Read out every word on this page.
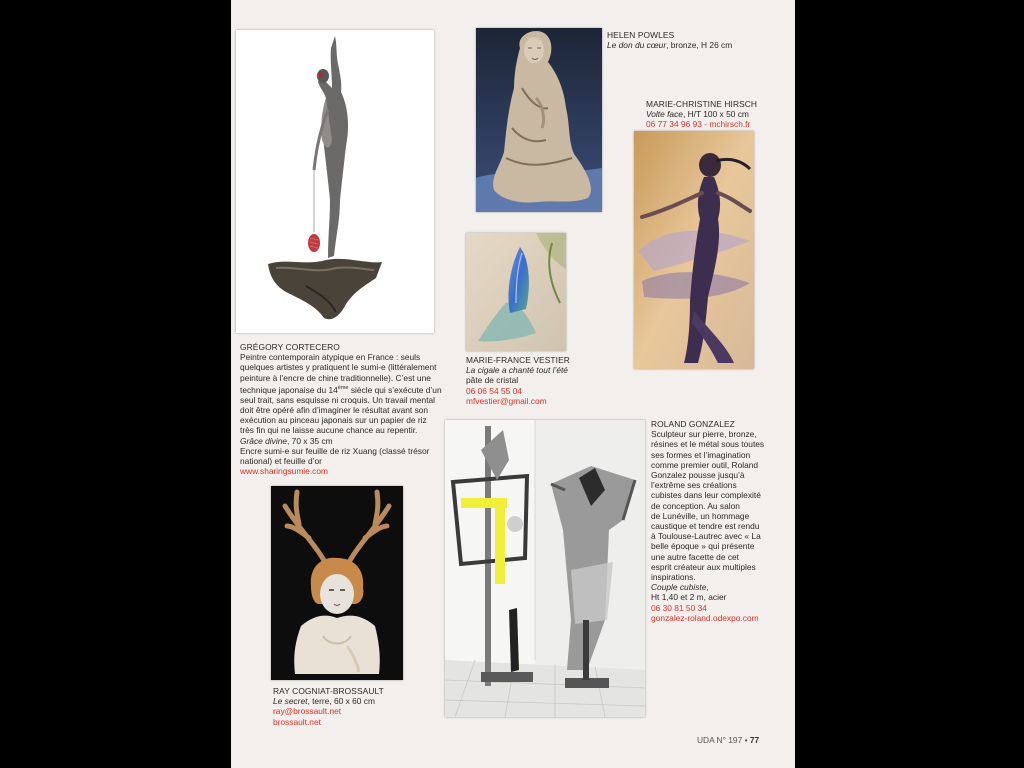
GRÉGORY CORTECERO
Peintre contemporain atypique en France : seuls
quelques artistes y pratiquent le sumi-e (littéralement
peinture à l’encre de chine traditionnelle). C’est une
technique japonaise du 14ème siècle qui s’exécute d’un
seul trait, sans esquisse ni croquis. Un travail mental
doit être opéré afin d’imaginer le résultat avant son
exécution au pinceau japonais sur un papier de riz
très fin qui ne laisse aucune chance au repentir.
Grâce divine, 70 x 35 cm
Encre sumi-e sur feuille de riz Xuang (classé trésor
national) et feuille d’or
www.sharingsumie.com
HELEN POWLES
Le don du cœur, bronze, H 26 cm
MARIE-CHRISTINE HIRSCH
Volte face, H/T 100 x 50 cm
06 77 34 96 93 - mchirsch.fr
MARIE-FRANCE VESTIER
La cigale a chanté tout l’été
pâte de cristal
06 06 54 55 04
mfvestier@gmail.com
ROLAND GONZALEZ
Sculpteur sur pierre, bronze,
résines et le métal sous toutes
ses formes et l’imagination
comme premier outil, Roland
Gonzalez pousse jusqu’à
l’extrême ses créations
cubistes dans leur complexité
de conception. Au salon
de Lunéville, un hommage
caustique et tendre est rendu
à Toulouse-Lautrec avec « La
belle époque » qui présente
une autre facette de cet
esprit créateur aux multiples
inspirations.
Couple cubiste,
Ht 1,40 et 2 m, acier
06 30 81 50 34
gonzalez-roland.odexpo.com
RAY COGNIAT-BROSSAULT
Le secret, terre, 60 x 60 cm
ray@brossault.net
brossault.net
UDA N° 197 • 77
